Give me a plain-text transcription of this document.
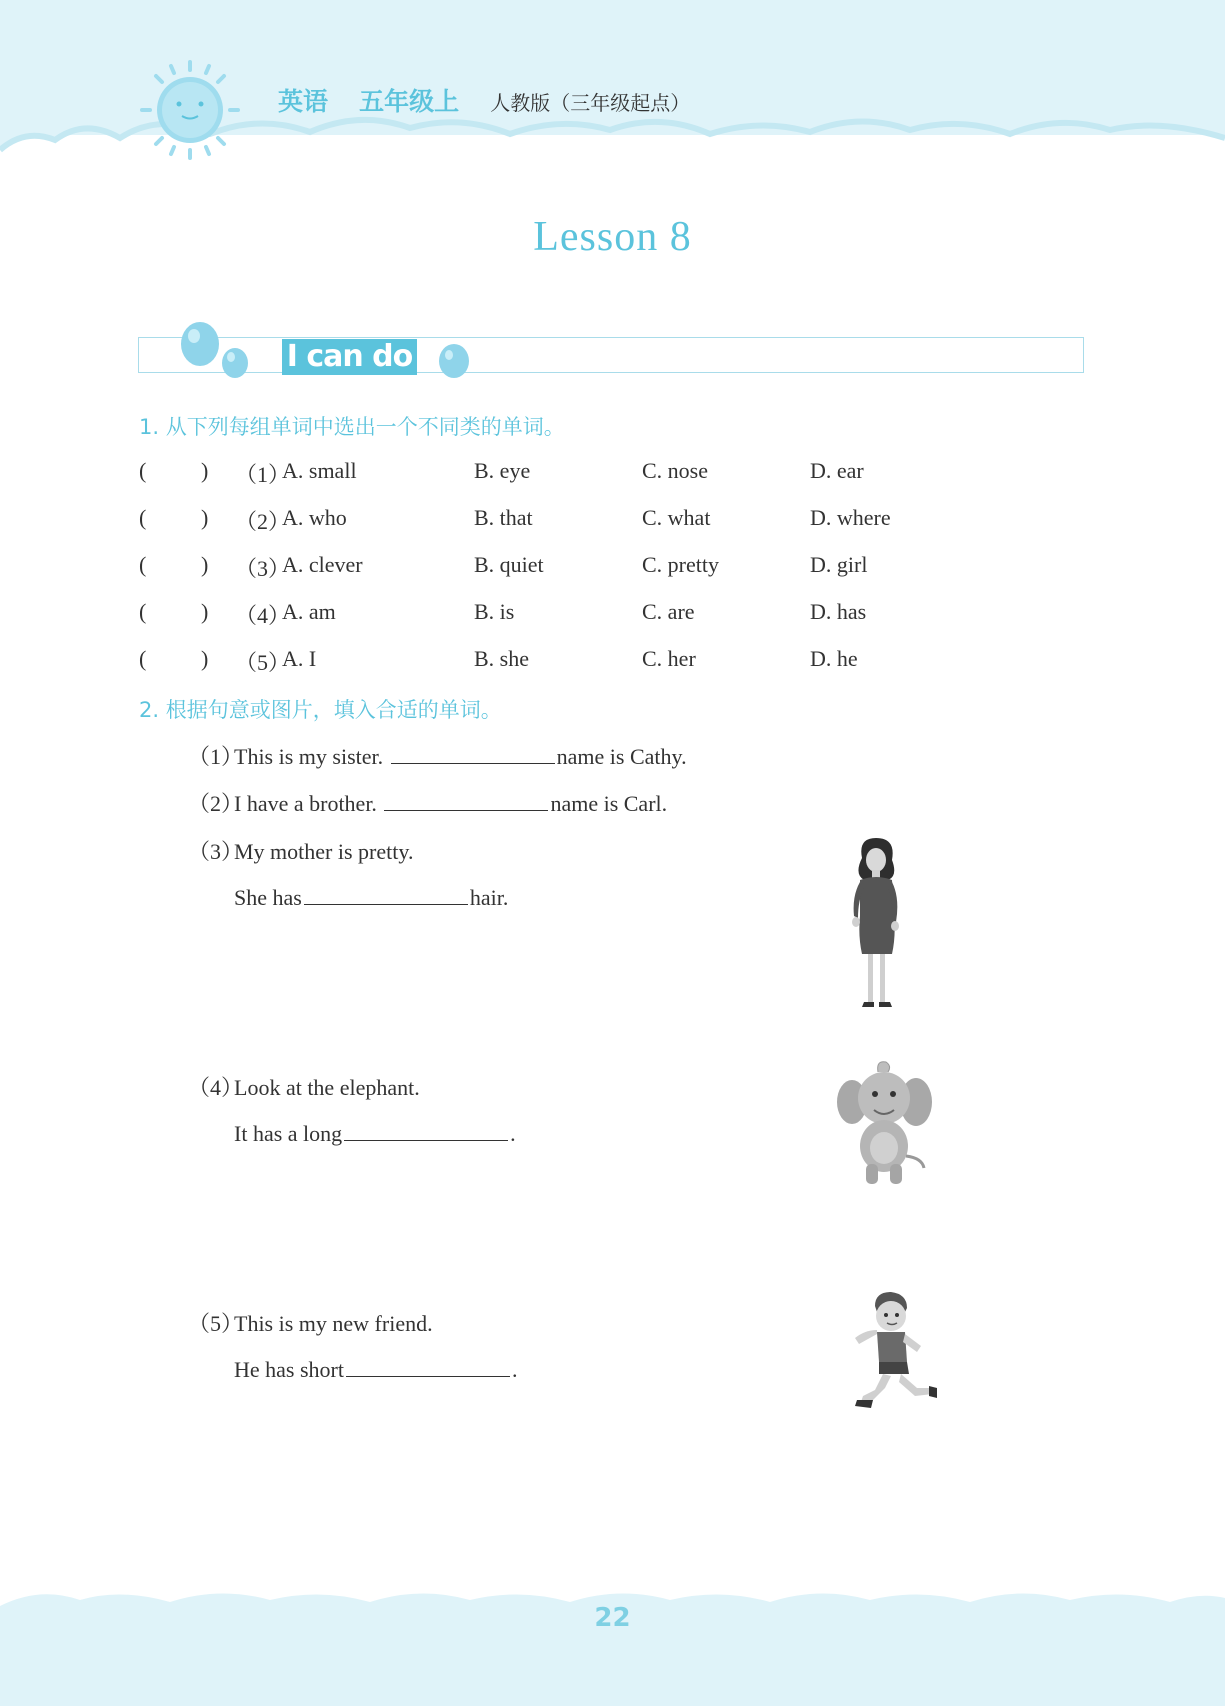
英语 五年级上 人教版（三年级起点）
Lesson 8
I can do
1. 从下列每组单词中选出一个不同类的单词。
( ) （1）
A. small	B. eye	C. nose	D. ear
( ) （2）
A. who	B. that	C. what	D. where
( ) （3）
A. clever	B. quiet	C. pretty	D. girl
( ) （4）
A. am	B. is	C. are	D. has
( ) （5）
A. I	B. she	C. her	D. he
2. 根据句意或图片，填入合适的单词。
（1）This is my sister.	name is Cathy.
（2）I have a brother.	name is Carl.
（3）My mother is pretty.
She has	hair.
（4）Look at the elephant.
It has a long	.
（5）This is my new friend.
He has short	.
22
